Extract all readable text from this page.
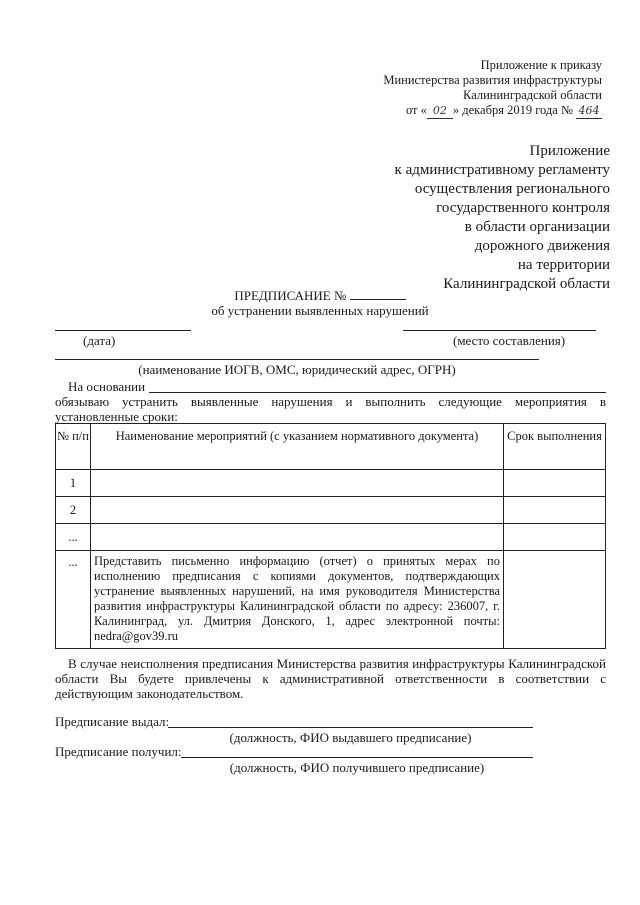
Приложение к приказу
Министерства развития инфраструктуры
Калининградской области
от « 02 » декабря 2019 года № 464
Приложение
к административному регламенту
осуществления регионального
государственного контроля
в области организации
дорожного движения
на территории
Калининградской области
ПРЕДПИСАНИЕ №
об устранении выявленных нарушений
(дата)	(место составления)
(наименование ИОГВ, ОМС, юридический адрес, ОГРН)
На основании
обязываю устранить выявленные нарушения и выполнить следующие мероприятия в установленные сроки:
№ п/п	Наименование мероприятий (с указанием нормативного документа)	Срок выполнения
1		
2		
...		
...	Представить письменно информацию (отчет) о принятых мерах по исполнению предписания с копиями документов, подтверждающих устранение выявленных нарушений, на имя руководителя Министерства развития инфраструктуры Калининградской области по адресу: 236007, г. Калининград, ул. Дмитрия Донского, 1, адрес электронной почты: nedra@gov39.ru	
В случае неисполнения предписания Министерства развития инфраструктуры Калининградской области Вы будете привлечены к административной ответственности в соответствии с действующим законодательством.
Предписание выдал:
(должность, ФИО выдавшего предписание)
Предписание получил:
(должность, ФИО получившего предписание)
